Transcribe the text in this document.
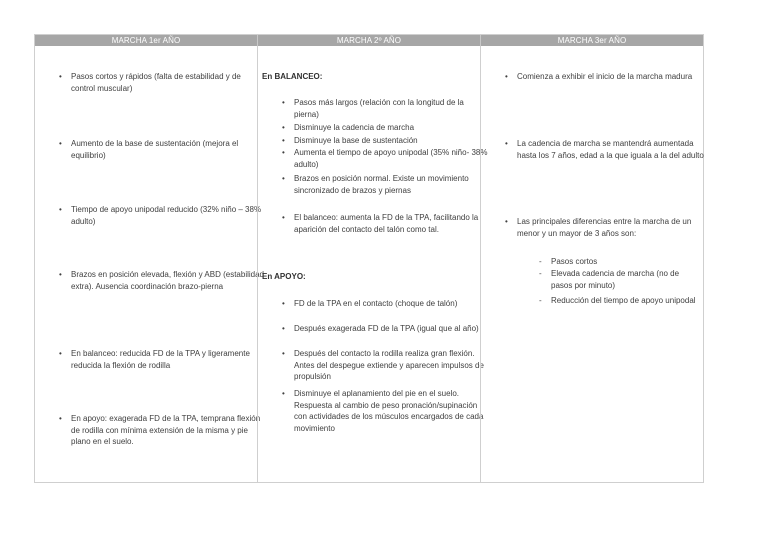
MARCHA 1er AÑO	MARCHA 2º AÑO	MARCHA 3er AÑO
• Pasos cortos y rápidos (falta de estabilidad y de control muscular)
• Aumento de la base de sustentación (mejora el equilibrio)
• Tiempo de apoyo unipodal reducido (32% niño – 38% adulto)
• Brazos en posición elevada, flexión y ABD (estabilidad extra). Ausencia coordinación brazo-pierna
• En balanceo: reducida FD de la TPA y ligeramente reducida la flexión de rodilla
• En apoyo: exagerada FD de la TPA, temprana flexión de rodilla con mínima extensión de la misma y pie plano en el suelo.
En BALANCEO:
• Pasos más largos (relación con la longitud de la pierna)
• Disminuye la cadencia de marcha
• Disminuye la base de sustentación
• Aumenta el tiempo de apoyo unipodal (35% niño- 38% adulto)
• Brazos en posición normal. Existe un movimiento sincronizado de brazos y piernas
• El balanceo: aumenta la FD de la TPA, facilitando la aparición del contacto del talón como tal.
En APOYO:
• FD de la TPA en el contacto (choque de talón)
• Después exagerada FD de la TPA (igual que al año)
• Después del contacto la rodilla realiza gran flexión. Antes del despegue extiende y aparecen impulsos de propulsión
• Disminuye el aplanamiento del pie en el suelo. Respuesta al cambio de peso pronación/supinación con actividades de los músculos encargados de cada movimiento
• Comienza a exhibir el inicio de la marcha madura
• La cadencia de marcha se mantendrá aumentada hasta los 7 años, edad a la que iguala a la del adulto
• Las principales diferencias entre la marcha de un menor y un mayor de 3 años son:
- Pasos cortos
- Elevada cadencia de marcha (no de pasos por minuto)
- Reducción del tiempo de apoyo unipodal
